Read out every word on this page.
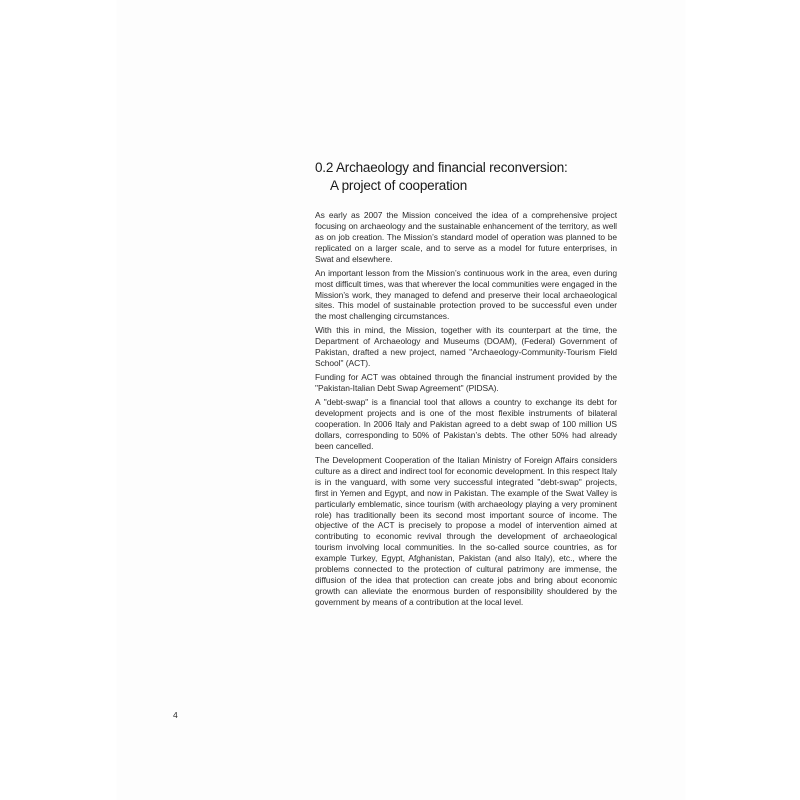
0.2 Archaeology and financial reconversion:
A project of cooperation

As early as 2007 the Mission conceived the idea of a comprehensive project focusing on archaeology and the sustainable enhancement of the territory, as well as on job creation. The Mission’s standard model of operation was planned to be replicated on a larger scale, and to serve as a model for future enterprises, in Swat and elsewhere.

An important lesson from the Mission’s continuous work in the area, even during most difficult times, was that wherever the local communities were engaged in the Mission’s work, they managed to defend and preserve their local archaeological sites. This model of sustainable protection proved to be successful even under the most challenging circumstances.

With this in mind, the Mission, together with its counterpart at the time, the Department of Archaeology and Museums (DOAM), (Federal) Government of Pakistan, drafted a new project, named "Archaeology-Community-Tourism Field School" (ACT).

Funding for ACT was obtained through the financial instrument provided by the "Pakistan-Italian Debt Swap Agreement" (PIDSA).

A "debt-swap" is a financial tool that allows a country to exchange its debt for development projects and is one of the most flexible instruments of bilateral cooperation. In 2006 Italy and Pakistan agreed to a debt swap of 100 million US dollars, corresponding to 50% of Pakistan’s debts. The other 50% had already been cancelled.

The Development Cooperation of the Italian Ministry of Foreign Affairs considers culture as a direct and indirect tool for economic development. In this respect Italy is in the vanguard, with some very successful integrated "debt-swap" projects, first in Yemen and Egypt, and now in Pakistan. The example of the Swat Valley is particularly emblematic, since tourism (with archaeology playing a very prominent role) has traditionally been its second most important source of income. The objective of the ACT is precisely to propose a model of intervention aimed at contributing to economic revival through the development of archaeological tourism involving local communities. In the so-called source countries, as for example Turkey, Egypt, Afghanistan, Pakistan (and also Italy), etc., where the problems connected to the protection of cultural patrimony are immense, the diffusion of the idea that protection can create jobs and bring about economic growth can alleviate the enormous burden of responsibility shouldered by the government by means of a contribution at the local level.

4
